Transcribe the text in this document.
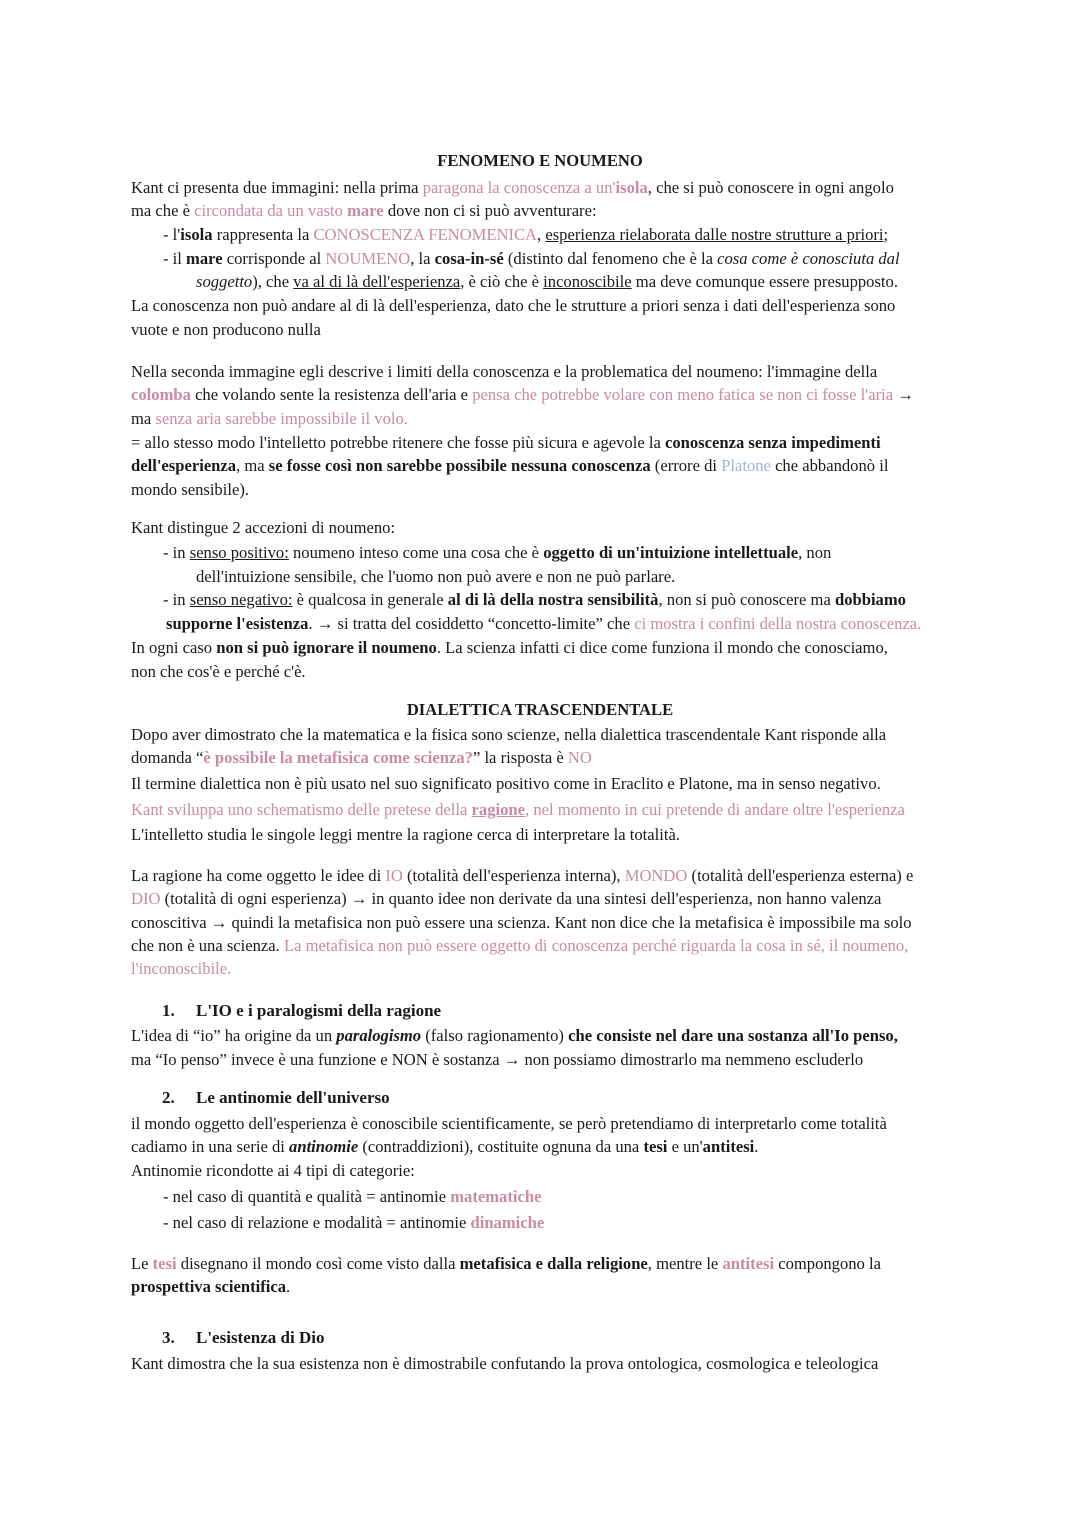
FENOMENO E NOUMENO
Kant ci presenta due immagini: nella prima paragona la conoscenza a un'isola, che si può conoscere in ogni angolo
ma che è circondata da un vasto mare dove non ci si può avventurare:
- l'isola rappresenta la CONOSCENZA FENOMENICA, esperienza rielaborata dalle nostre strutture a priori;
- il mare corrisponde al NOUMENO, la cosa-in-sé (distinto dal fenomeno che è la cosa come è conosciuta dal
soggetto), che va al di là dell'esperienza, è ciò che è inconoscibile ma deve comunque essere presupposto.
La conoscenza non può andare al di là dell'esperienza, dato che le strutture a priori senza i dati dell'esperienza sono
vuote e non producono nulla
Nella seconda immagine egli descrive i limiti della conoscenza e la problematica del noumeno: l'immagine della
colomba che volando sente la resistenza dell'aria e pensa che potrebbe volare con meno fatica se non ci fosse l'aria →
ma senza aria sarebbe impossibile il volo.
= allo stesso modo l'intelletto potrebbe ritenere che fosse più sicura e agevole la conoscenza senza impedimenti
dell'esperienza, ma se fosse così non sarebbe possibile nessuna conoscenza (errore di Platone che abbandonò il
mondo sensibile).
Kant distingue 2 accezioni di noumeno:
- in senso positivo: noumeno inteso come una cosa che è oggetto di un'intuizione intellettuale, non
dell'intuizione sensibile, che l'uomo non può avere e non ne può parlare.
- in senso negativo: è qualcosa in generale al di là della nostra sensibilità, non si può conoscere ma dobbiamo
supporne l'esistenza. → si tratta del cosiddetto “concetto-limite” che ci mostra i confini della nostra conoscenza.
In ogni caso non si può ignorare il noumeno. La scienza infatti ci dice come funziona il mondo che conosciamo,
non che cos'è e perché c'è.
DIALETTICA TRASCENDENTALE
Dopo aver dimostrato che la matematica e la fisica sono scienze, nella dialettica trascendentale Kant risponde alla
domanda “è possibile la metafisica come scienza?” la risposta è NO
Il termine dialettica non è più usato nel suo significato positivo come in Eraclito e Platone, ma in senso negativo.
Kant sviluppa uno schematismo delle pretese della ragione, nel momento in cui pretende di andare oltre l'esperienza
L'intelletto studia le singole leggi mentre la ragione cerca di interpretare la totalità.
La ragione ha come oggetto le idee di IO (totalità dell'esperienza interna), MONDO (totalità dell'esperienza esterna) e
DIO (totalità di ogni esperienza) → in quanto idee non derivate da una sintesi dell'esperienza, non hanno valenza
conoscitiva → quindi la metafisica non può essere una scienza. Kant non dice che la metafisica è impossibile ma solo
che non è una scienza. La metafisica non può essere oggetto di conoscenza perché riguarda la cosa in sé, il noumeno,
l'inconoscibile.
1. L'IO e i paralogismi della ragione
L'idea di “io” ha origine da un paralogismo (falso ragionamento) che consiste nel dare una sostanza all'Io penso,
ma “Io penso” invece è una funzione e NON è sostanza → non possiamo dimostrarlo ma nemmeno escluderlo
2. Le antinomie dell'universo
il mondo oggetto dell'esperienza è conoscibile scientificamente, se però pretendiamo di interpretarlo come totalità
cadiamo in una serie di antinomie (contraddizioni), costituite ognuna da una tesi e un'antitesi.
Antinomie ricondotte ai 4 tipi di categorie:
- nel caso di quantità e qualità = antinomie matematiche
- nel caso di relazione e modalità = antinomie dinamiche
Le tesi disegnano il mondo così come visto dalla metafisica e dalla religione, mentre le antitesi compongono la
prospettiva scientifica.
3. L'esistenza di Dio
Kant dimostra che la sua esistenza non è dimostrabile confutando la prova ontologica, cosmologica e teleologica
